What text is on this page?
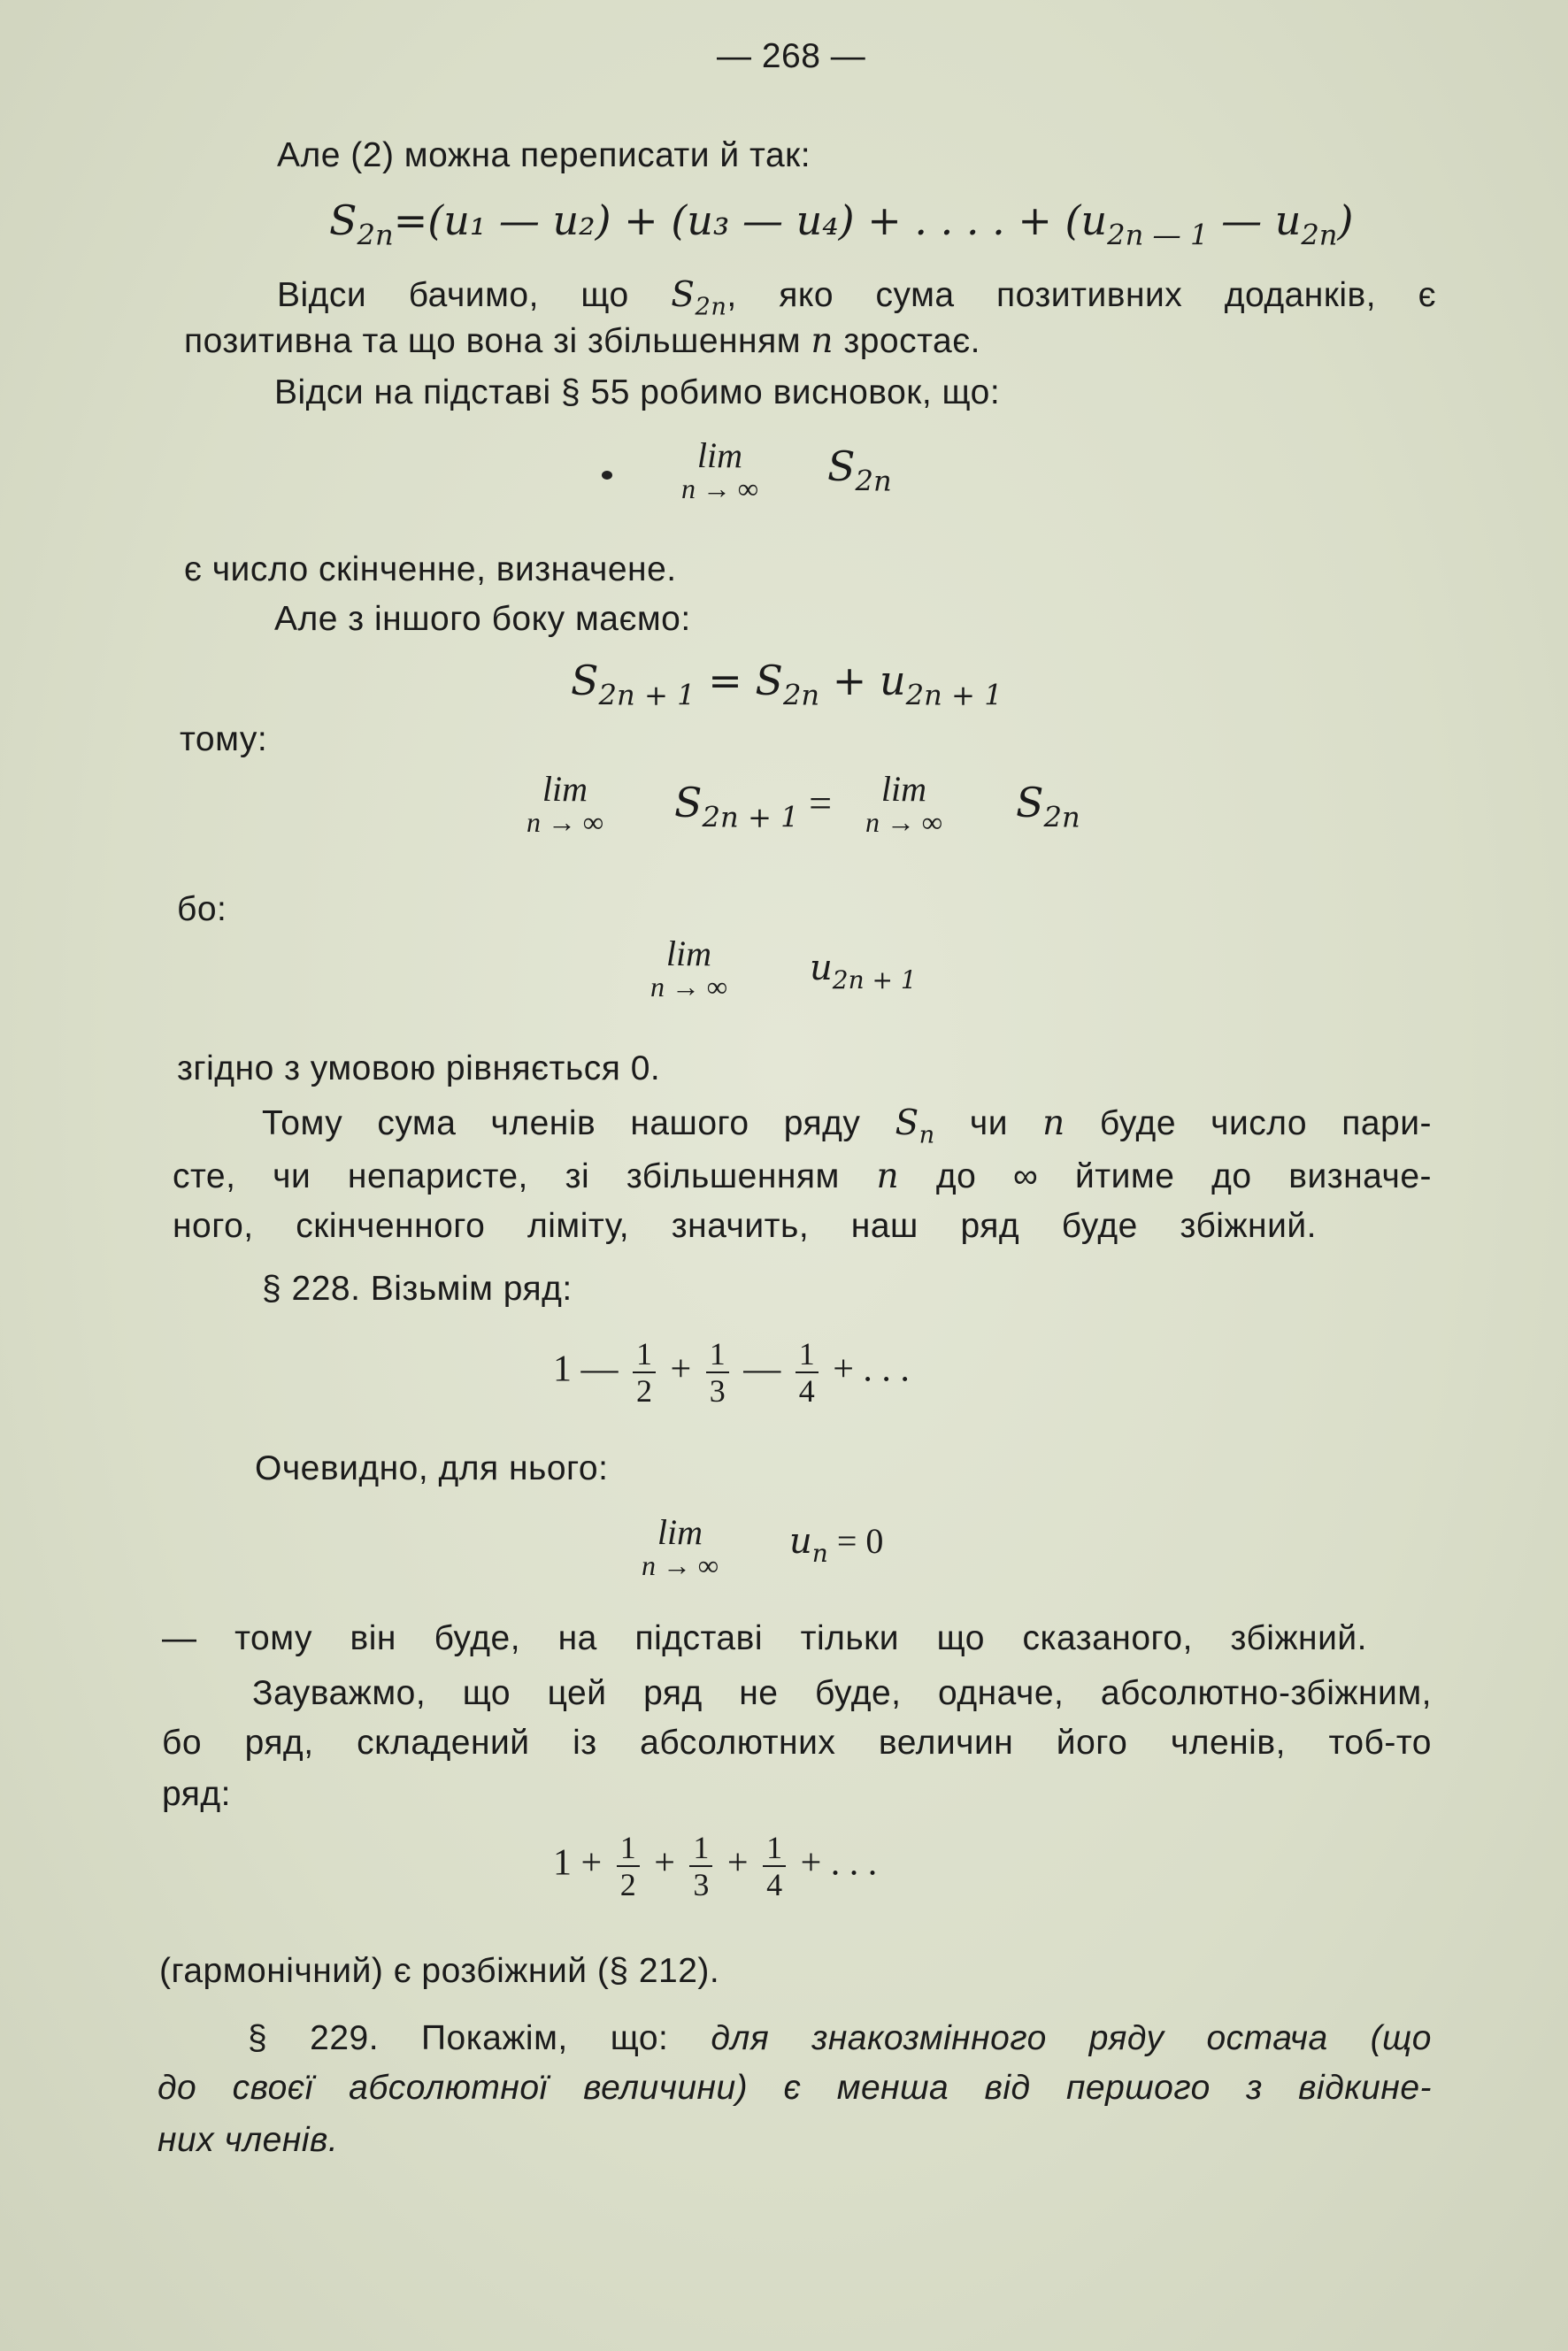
— 268 —
Але (2) можна переписати й так:
$S_{2n}=(u_1$ — u₂) + (u₃ — u₄) + . . . . + ($u_{2n — 1}$ — $u_{2n}$)
Відси бачимо, що $S_{2n}$, яко сума позитивних доданків, є
позитивна та що вона зі збільшенням n зростає.
Відси на підставі § 55 робимо висновок, що:
lim
n → ∞ $S_{2n}$
є число скінченне, визначене.
Але з іншого боку маємо:
$S_{2n + 1} = S_{2n} + u_{2n + 1}$
тому:
lim
n → ∞ $S_{2n + 1}$ =	lim
n → ∞ $S_{2n}$
бо:
lim
n → ∞ $u_{2n + 1}$
згідно з умовою рівняється 0.
Тому сума членів нашого ряду $S_n$ чи n буде число пари-
сте, чи непаристе, зі збільшенням n до ∞ йтиме до визначе-
ного, скінченного ліміту, значить, наш ряд буде збіжний.
§ 228. Візьмім ряд:
1 — $\frac{1}{2} + \frac{1}{3}$ — $\frac{1}{4}$ + . . .
Очевидно, для нього:
lim
n → ∞
$u_n = 0$
— тому він буде, на підставі тільки що сказаного, збіжний.
Зауважмо, що цей ряд не буде, одначе, абсолютно-збіжним,
бо ряд, складений із абсолютних величин його членів, тоб-то
ряд:
$1 + \frac{1}{2} + \frac{1}{3} + \frac{1}{4}$ + . . .
(гармонічний) є розбіжний (§ 212).
§ 229. Покажім, що: для знакозмінного ряду остача (що
до своєї абсолютної величини) є менша від першого з відкине-
них членів.
